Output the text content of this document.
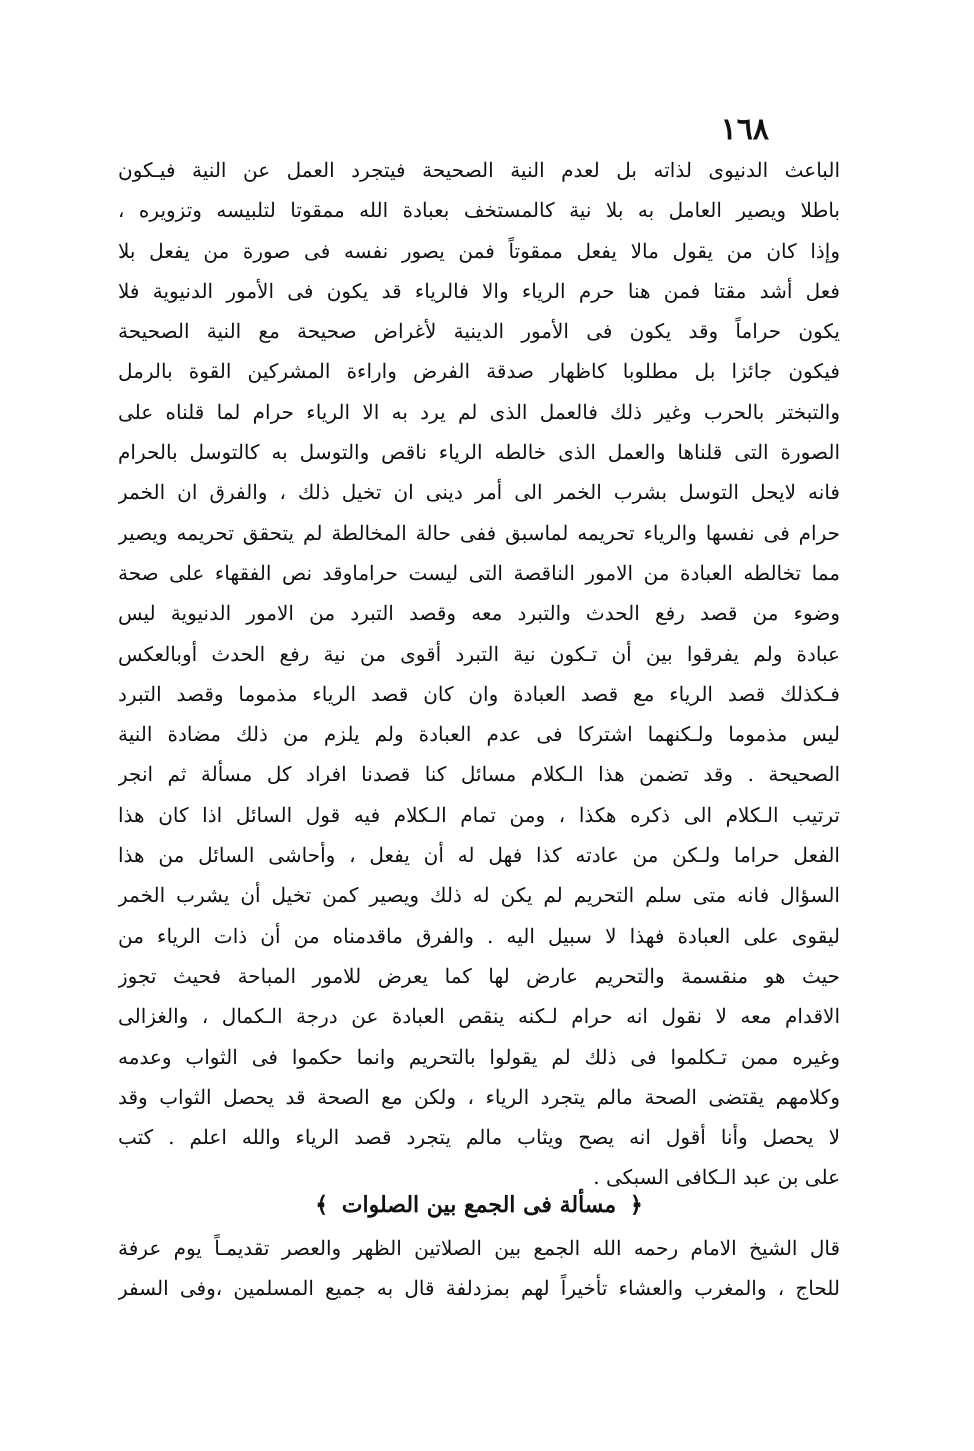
١٦٨
الباعث الدنيوى لذاته بل لعدم النية الصحيحة فيتجرد العمل عن النية فيـكون
باطلا ويصير العامل به بلا نية كالمستخف بعبادة الله ممقوتا لتلبيسه وتزويره ،
وإذا كان من يقول مالا يفعل ممقوتاً فمن يصور نفسه فى صورة من يفعل بلا
فعل أشد مقتا فمن هنا حرم الرياء والا فالرياء قد يكون فى الأمور الدنيوية فلا
يكون حراماً وقد يكون فى الأمور الدينية لأغراض صحيحة مع النية الصحيحة
فيكون جائزا بل مطلوبا كاظهار صدقة الفرض واراءة المشركين القوة بالرمل
والتبختر بالحرب وغير ذلك فالعمل الذى لم يرد به الا الرياء حرام لما قلناه على
الصورة التى قلناها والعمل الذى خالطه الرياء ناقص والتوسل به كالتوسل بالحرام
فانه لايحل التوسل بشرب الخمر الى أمر دينى ان تخيل ذلك ، والفرق ان الخمر
حرام فى نفسها والرياء تحريمه لماسبق ففى حالة المخالطة لم يتحقق تحريمه ويصير
مما تخالطه العبادة من الامور الناقصة التى ليست حراماوقد نص الفقهاء على صحة
وضوء من قصد رفع الحدث والتبرد معه وقصد التبرد من الامور الدنيوية ليس
عبادة ولم يفرقوا بين أن تـكون نية التبرد أقوى من نية رفع الحدث أوبالعكس
فـكذلك قصد الرياء مع قصد العبادة وان كان قصد الرياء مذموما وقصد التبرد
ليس مذموما ولـكنهما اشتركا فى عدم العبادة ولم يلزم من ذلك مضادة النية
الصحيحة . وقد تضمن هذا الـكلام مسائل كنا قصدنا افراد كل مسألة ثم انجر
ترتيب الـكلام الى ذكره هكذا ، ومن تمام الـكلام فيه قول السائل اذا كان هذا
الفعل حراما ولـكن من عادته كذا فهل له أن يفعل ، وأحاشى السائل من هذا
السؤال فانه متى سلم التحريم لم يكن له ذلك ويصير كمن تخيل أن يشرب الخمر
ليقوى على العبادة فهذا لا سبيل اليه . والفرق ماقدمناه من أن ذات الرياء من
حيث هو منقسمة والتحريم عارض لها كما يعرض للامور المباحة فحيث تجوز
الاقدام معه لا نقول انه حرام لـكنه ينقص العبادة عن درجة الـكمال ، والغزالى
وغيره ممن تـكلموا فى ذلك لم يقولوا بالتحريم وانما حكموا فى الثواب وعدمه
وكلامهم يقتضى الصحة مالم يتجرد الرياء ، ولكن مع الصحة قد يحصل الثواب وقد
لا يحصل وأنا أقول انه يصح ويثاب مالم يتجرد قصد الرياء والله اعلم . كتب
على بن عبد الـكافى السبكى .
﴿ مسألة فى الجمع بين الصلوات ﴾
قال الشيخ الامام رحمه الله الجمع بين الصلاتين الظهر والعصر تقديمـاً يوم عرفة
للحاج ، والمغرب والعشاء تأخيراً لهم بمزدلفة قال به جميع المسلمين ،وفى السفر
